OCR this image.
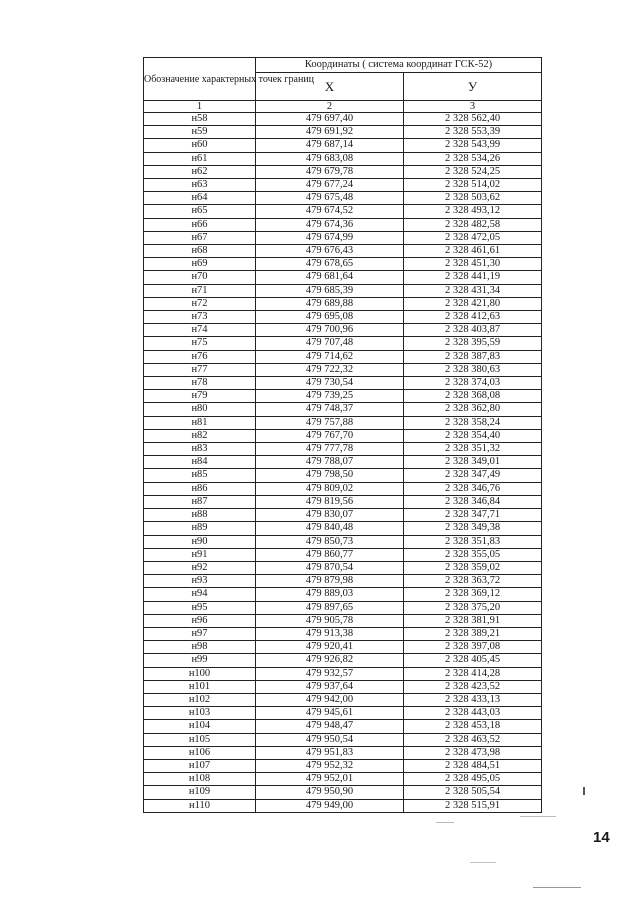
Обозначение характерных точек границ	Координаты ( система координат ГСК-52)	
	Х	У
1	2	3
н58	479 697,40	2 328 562,40
н59	479 691,92	2 328 553,39
н60	479 687,14	2 328 543,99
н61	479 683,08	2 328 534,26
н62	479 679,78	2 328 524,25
н63	479 677,24	2 328 514,02
н64	479 675,48	2 328 503,62
н65	479 674,52	2 328 493,12
н66	479 674,36	2 328 482,58
н67	479 674,99	2 328 472,05
н68	479 676,43	2 328 461,61
н69	479 678,65	2 328 451,30
н70	479 681,64	2 328 441,19
н71	479 685,39	2 328 431,34
н72	479 689,88	2 328 421,80
н73	479 695,08	2 328 412,63
н74	479 700,96	2 328 403,87
н75	479 707,48	2 328 395,59
н76	479 714,62	2 328 387,83
н77	479 722,32	2 328 380,63
н78	479 730,54	2 328 374,03
н79	479 739,25	2 328 368,08
н80	479 748,37	2 328 362,80
н81	479 757,88	2 328 358,24
н82	479 767,70	2 328 354,40
н83	479 777,78	2 328 351,32
н84	479 788,07	2 328 349,01
н85	479 798,50	2 328 347,49
н86	479 809,02	2 328 346,76
н87	479 819,56	2 328 346,84
н88	479 830,07	2 328 347,71
н89	479 840,48	2 328 349,38
н90	479 850,73	2 328 351,83
н91	479 860,77	2 328 355,05
н92	479 870,54	2 328 359,02
н93	479 879,98	2 328 363,72
н94	479 889,03	2 328 369,12
н95	479 897,65	2 328 375,20
н96	479 905,78	2 328 381,91
н97	479 913,38	2 328 389,21
н98	479 920,41	2 328 397,08
н99	479 926,82	2 328 405,45
н100	479 932,57	2 328 414,28
н101	479 937,64	2 328 423,52
н102	479 942,00	2 328 433,13
н103	479 945,61	2 328 443,03
н104	479 948,47	2 328 453,18
н105	479 950,54	2 328 463,52
н106	479 951,83	2 328 473,98
н107	479 952,32	2 328 484,51
н108	479 952,01	2 328 495,05
н109	479 950,90	2 328 505,54
н110	479 949,00	2 328 515,91
14
